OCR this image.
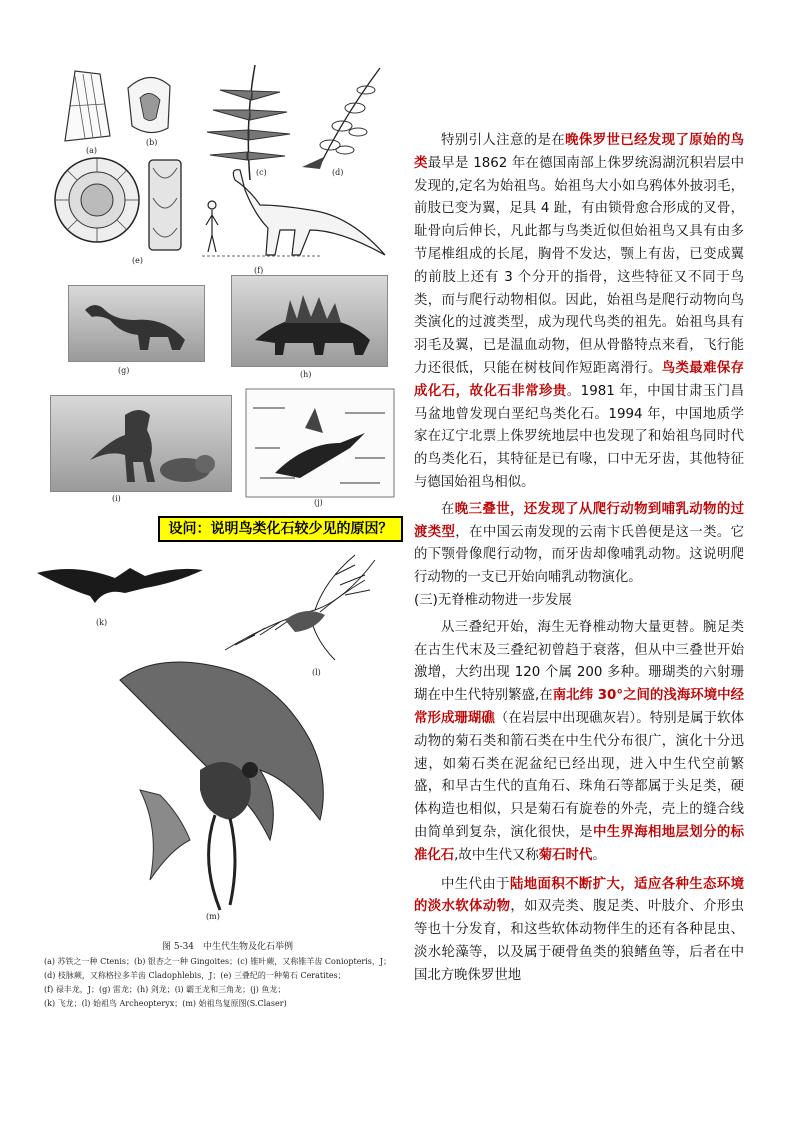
(a)
(b)
(c)	(d)
(e)
(f)
(g)	(h)
(i)	(j)
设问：说明鸟类化石较少见的原因？
(k)
(l)
(m)
图 5-34　中生代生物及化石举例
(a) 苏铁之一种 Ctenis；(b) 银杏之一种 Gingoites；(c) 锥叶蕨，又称锥羊齿 Coniopteris，J；
(d) 枝脉蕨，又称格拉多羊齿 Cladophlebis，J；(e) 三叠纪的一种菊石 Ceratites；
(f) 禄丰龙，J；(g) 雷龙；(h) 剑龙；(i) 霸王龙和三角龙；(j) 鱼龙；
(k) 飞龙；(l) 始祖鸟 Archeopteryx；(m) 始祖鸟复原图(S.Claser)

特别引人注意的是在晚侏罗世已经发现了原始的鸟类最早是 1862 年在德国南部上侏罗统潟湖沉积岩层中发现的,定名为始祖鸟。始祖鸟大小如乌鸦体外披羽毛，前肢已变为翼，足具 4 趾，有由锁骨愈合形成的叉骨，耻骨向后伸长，凡此都与鸟类近似但始祖鸟又具有由多节尾椎组成的长尾，胸骨不发达，颚上有齿，已变成翼的前肢上还有 3 个分开的指骨，这些特征又不同于鸟类，而与爬行动物相似。因此，始祖鸟是爬行动物向鸟类演化的过渡类型，成为现代鸟类的祖先。始祖鸟具有羽毛及翼，已是温血动物，但从骨骼特点来看，飞行能力还很低，只能在树枝间作短距离滑行。鸟类最难保存成化石，故化石非常珍贵。1981 年，中国甘肃玉门昌马盆地曾发现白垩纪鸟类化石。1994 年，中国地质学家在辽宁北票上侏罗统地层中也发现了和始祖鸟同时代的鸟类化石，其特征是已有喙，口中无牙齿，其他特征与德国始祖鸟相似。

在晚三叠世，还发现了从爬行动物到哺乳动物的过渡类型，在中国云南发现的云南卞氏兽便是这一类。它的下颚骨像爬行动物，而牙齿却像哺乳动物。这说明爬行动物的一支已开始向哺乳动物演化。

(三)无脊椎动物进一步发展

从三叠纪开始，海生无脊椎动物大量更替。腕足类在古生代末及三叠纪初曾趋于衰落，但从中三叠世开始激增，大约出现 120 个属 200 多种。珊瑚类的六射珊瑚在中生代特别繁盛,在南北纬 30°之间的浅海环境中经常形成珊瑚礁（在岩层中出现礁灰岩）。特别是属于软体动物的菊石类和箭石类在中生代分布很广，演化十分迅速，如菊石类在泥盆纪已经出现，进入中生代空前繁盛，和早古生代的直角石、珠角石等都属于头足类，硬体构造也相似，只是菊石有旋卷的外壳，壳上的缝合线由简单到复杂，演化很快，是中生界海相地层划分的标准化石,故中生代又称菊石时代。

中生代由于陆地面积不断扩大，适应各种生态环境的淡水软体动物，如双壳类、腹足类、叶肢介、介形虫等也十分发育，和这些软体动物伴生的还有各种昆虫、淡水轮藻等，以及属于硬骨鱼类的狼鳍鱼等，后者在中国北方晚侏罗世地
